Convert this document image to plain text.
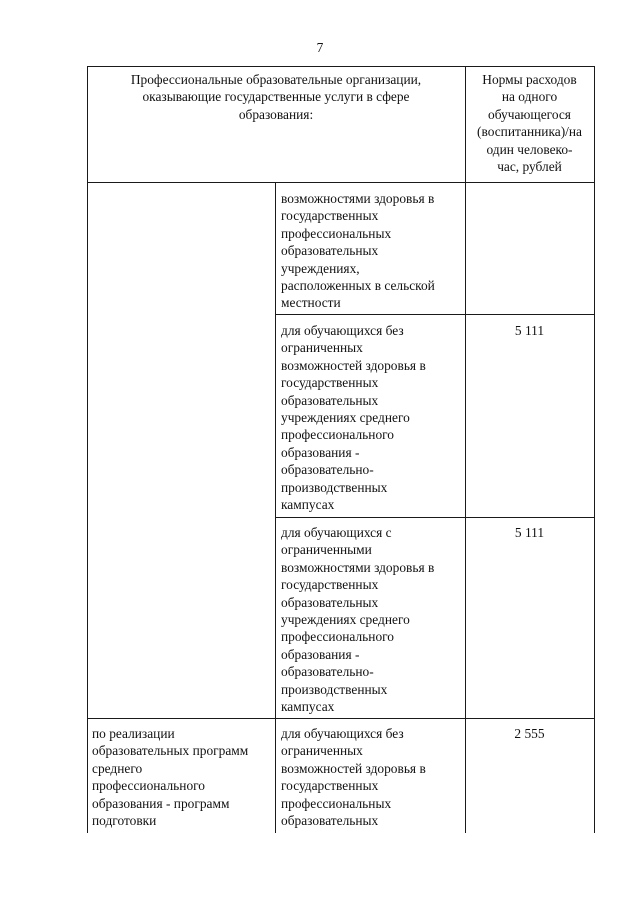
7
Профессиональные образовательные организации,
оказывающие государственные услуги в сфере
образования:
Нормы расходов
на одного
обучающегося
(воспитанника)/на
один человеко-
час, рублей
возможностями здоровья в
государственных
профессиональных
образовательных
учреждениях,
расположенных в сельской
местности
для обучающихся без
ограниченных
возможностей здоровья в
государственных
образовательных
учреждениях среднего
профессионального
образования -
образовательно-
производственных
кампусах
5 111
для обучающихся с
ограниченными
возможностями здоровья в
государственных
образовательных
учреждениях среднего
профессионального
образования -
образовательно-
производственных
кампусах
5 111
по реализации
образовательных программ
среднего
профессионального
образования - программ
подготовки
для обучающихся без
ограниченных
возможностей здоровья в
государственных
профессиональных
образовательных
2 555
